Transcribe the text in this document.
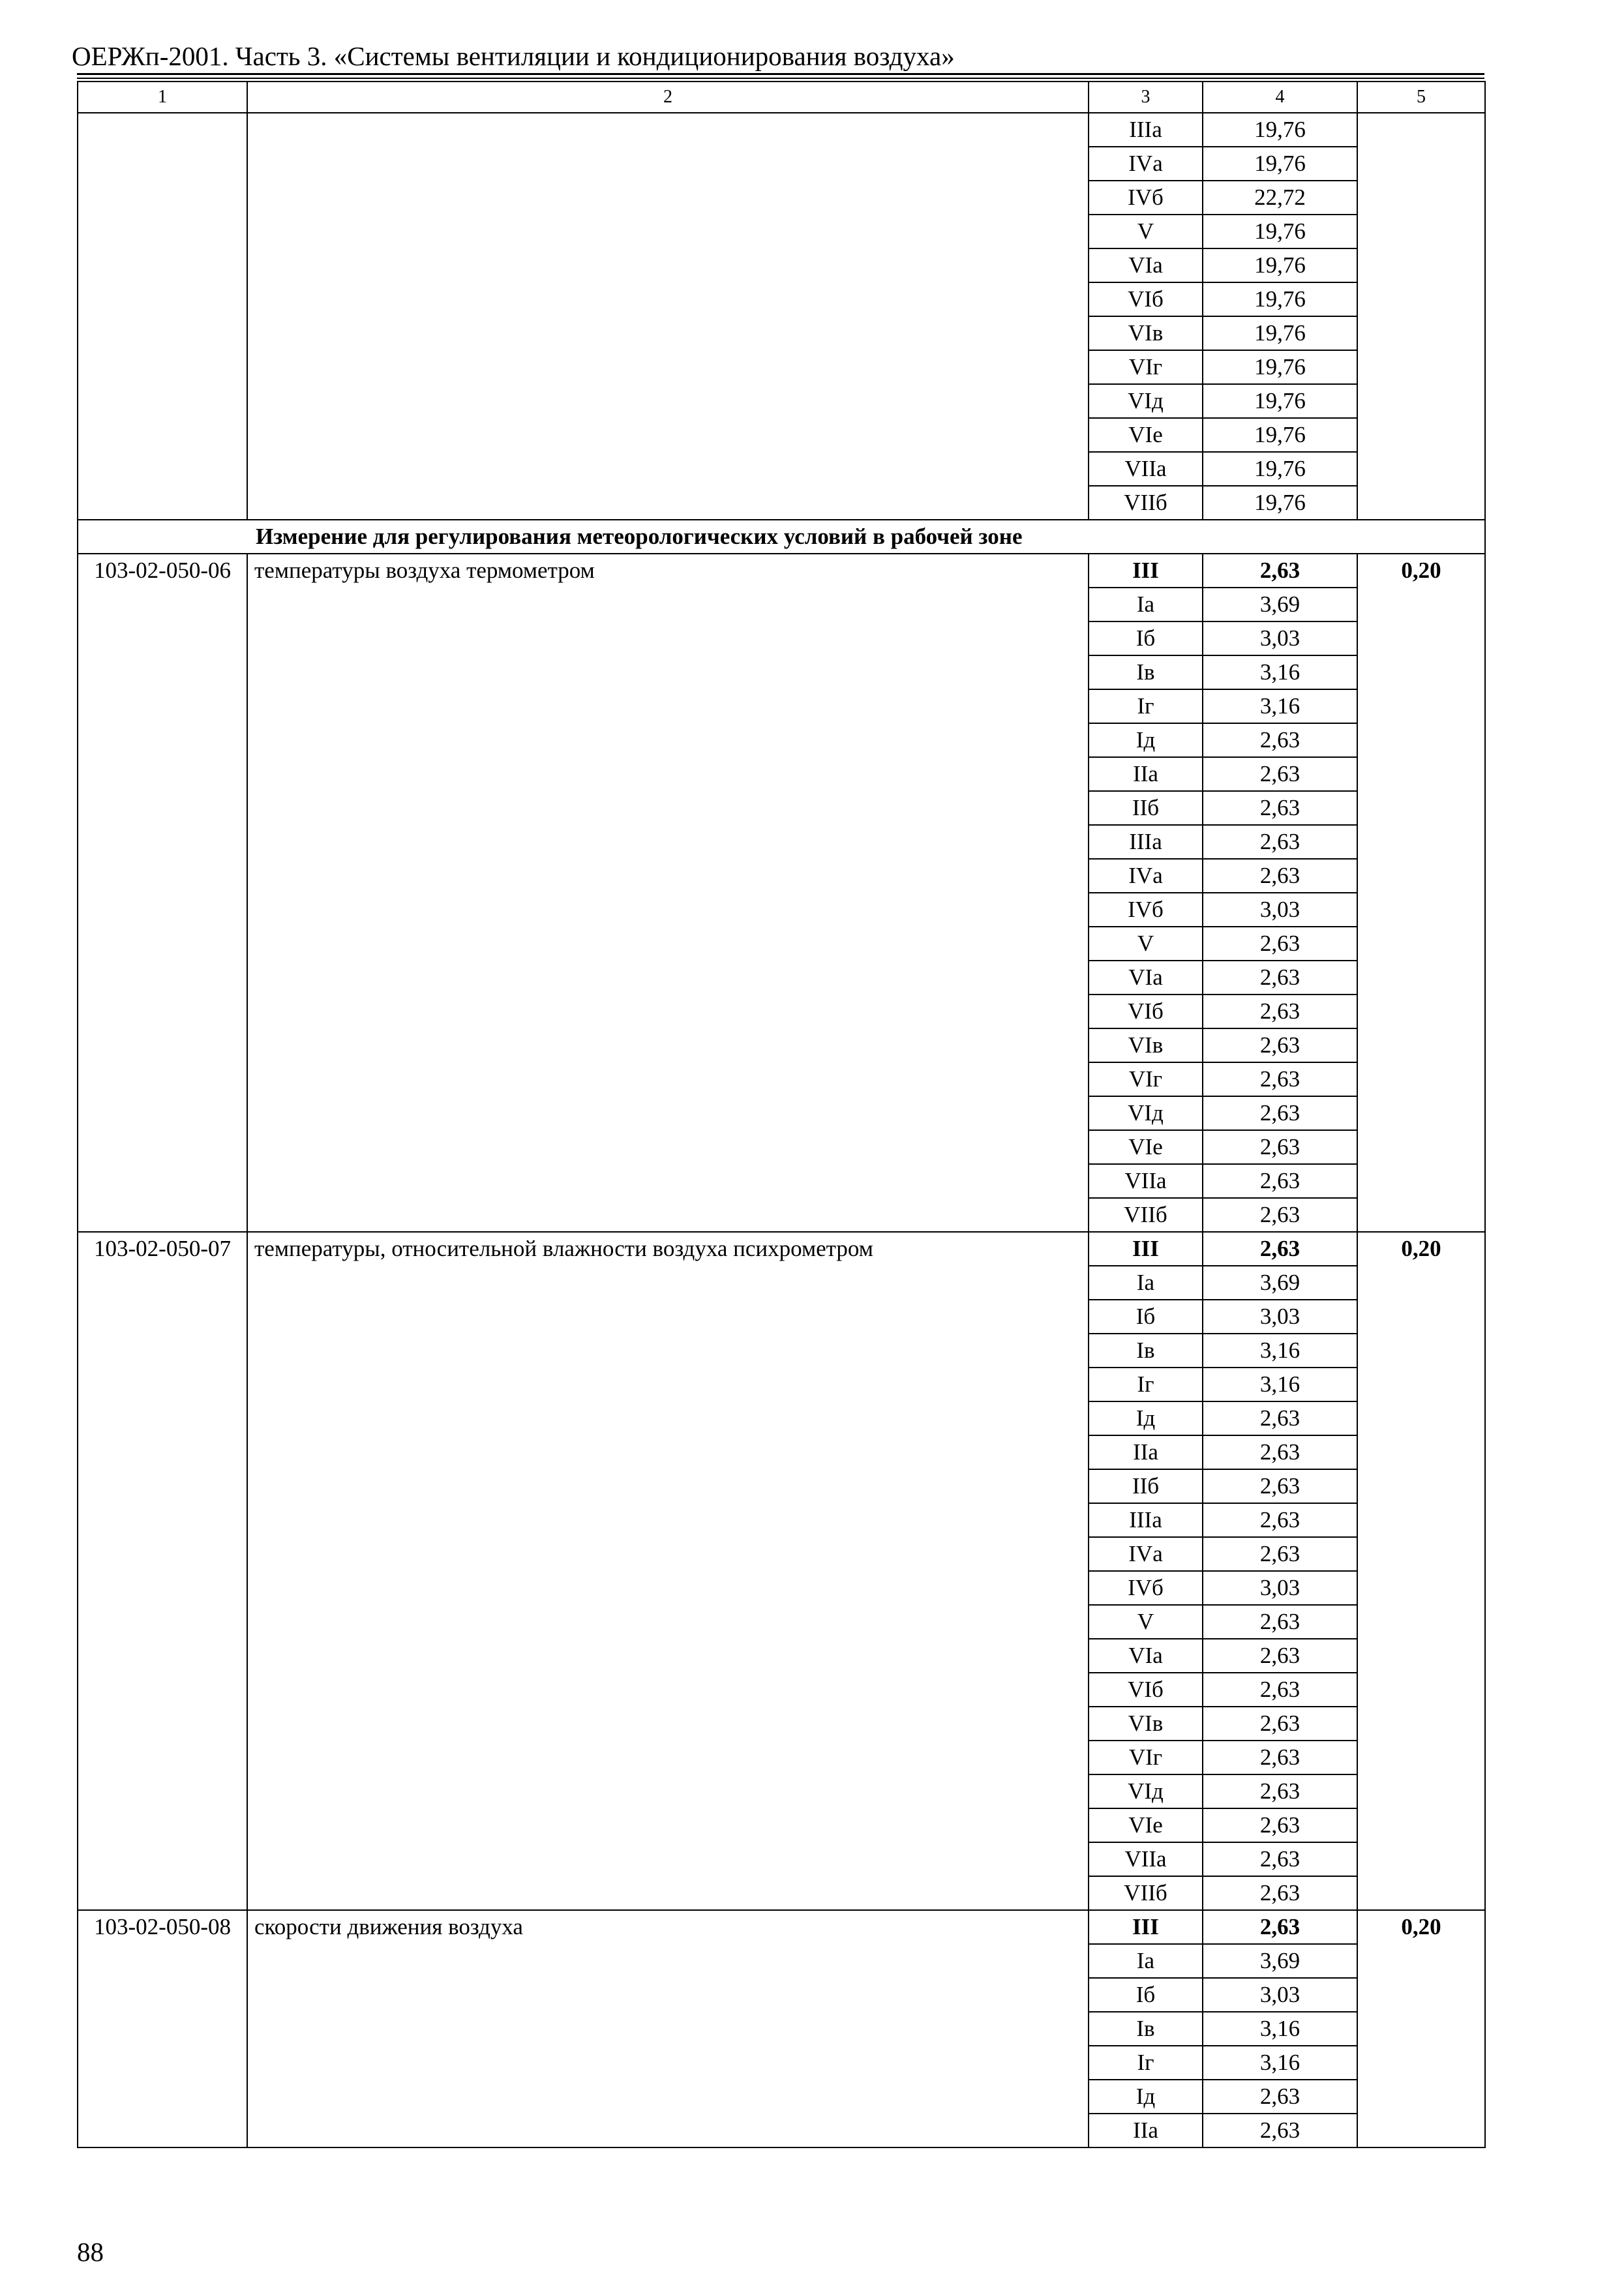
ОЕРЖп-2001. Часть 3. «Системы вентиляции и кондиционирования воздуха»
1	2	3	4	5
		IIIа	19,76	
		IVа	19,76	
		IVб	22,72	
		V	19,76	
		VIа	19,76	
		VIб	19,76	
		VIв	19,76	
		VIг	19,76	
		VIд	19,76	
		VIе	19,76	
		VIIа	19,76	
		VIIб	19,76	
Измерение для регулирования метеорологических условий в рабочей зоне				
103-02-050-06	температуры воздуха термометром	III	2,63	0,20
		Iа	3,69	
		Iб	3,03	
		Iв	3,16	
		Iг	3,16	
		Iд	2,63	
		IIа	2,63	
		IIб	2,63	
		IIIа	2,63	
		IVа	2,63	
		IVб	3,03	
		V	2,63	
		VIа	2,63	
		VIб	2,63	
		VIв	2,63	
		VIг	2,63	
		VIд	2,63	
		VIе	2,63	
		VIIа	2,63	
		VIIб	2,63	
103-02-050-07	температуры, относительной влажности воздуха психрометром	III	2,63	0,20
		Iа	3,69	
		Iб	3,03	
		Iв	3,16	
		Iг	3,16	
		Iд	2,63	
		IIа	2,63	
		IIб	2,63	
		IIIа	2,63	
		IVа	2,63	
		IVб	3,03	
		V	2,63	
		VIа	2,63	
		VIб	2,63	
		VIв	2,63	
		VIг	2,63	
		VIд	2,63	
		VIе	2,63	
		VIIа	2,63	
		VIIб	2,63	
103-02-050-08	скорости движения воздуха	III	2,63	0,20
		Iа	3,69	
		Iб	3,03	
		Iв	3,16	
		Iг	3,16	
		Iд	2,63	
		IIа	2,63	
88
